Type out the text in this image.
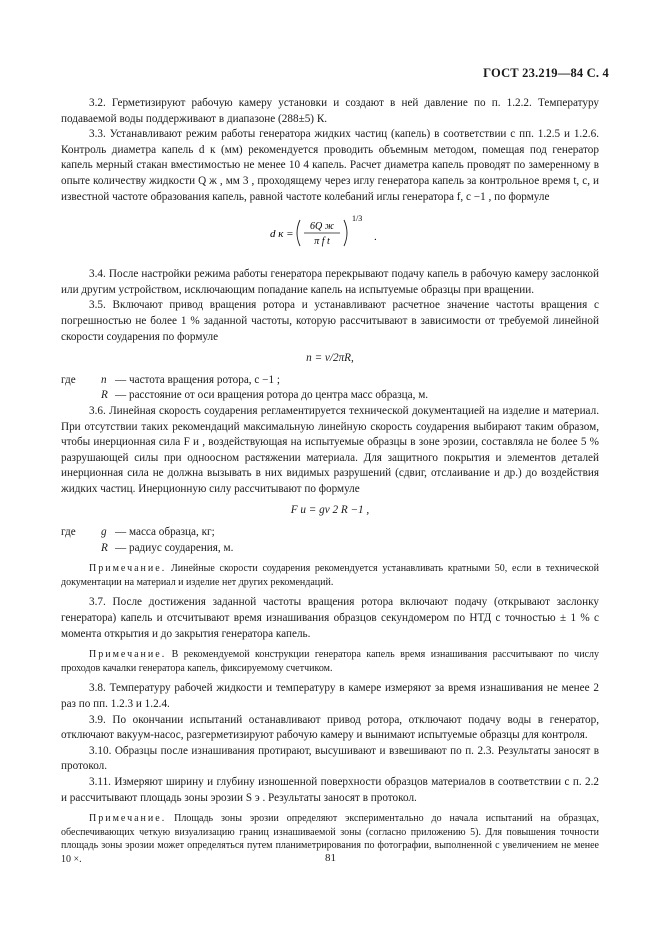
ГОСТ 23.219—84 С. 4

3.2. Герметизируют рабочую камеру установки и создают в ней давление по п. 1.2.2. Температуру подаваемой воды поддерживают в диапазоне (288±5) К.

3.3. Устанавливают режим работы генератора жидких частиц (капель) в соответствии с пп. 1.2.5 и 1.2.6. Контроль диаметра капель d к (мм) рекомендуется проводить объемным методом, помещая под генератор капель мерный стакан вместимостью не менее 10 4 капель. Расчет диаметра капель проводят по замеренному в опыте количеству жидкости Q ж , мм 3 , проходящему через иглу генератора капель за контрольное время t, с, и известной частоте образования капель, равной частоте колебаний иглы генератора f, с −1 , по формуле

d к =
6Q ж
π f t
1/3
.

3.4. После настройки режима работы генератора перекрывают подачу капель в рабочую камеру заслонкой или другим устройством, исключающим попадание капель на испытуемые образцы при вращении.

3.5. Включают привод вращения ротора и устанавливают расчетное значение частоты вращения с погрешностью не более 1 % заданной частоты, которую рассчитывают в зависимости от требуемой линейной скорости соударения по формуле

n = v/2πR,
где	n — частота вращения ротора, с −1 ;
R — расстояние от оси вращения ротора до центра масс образца, м.

3.6. Линейная скорость соударения регламентируется технической документацией на изделие и материал. При отсутствии таких рекомендаций максимальную линейную скорость соударения выбирают таким образом, чтобы инерционная сила F и , воздействующая на испытуемые образцы в зоне эрозии, составляла не более 5 % разрушающей силы при одноосном растяжении материала. Для защитного покрытия и элементов деталей инерционная сила не должна вызывать в них видимых разрушений (сдвиг, отслаивание и др.) до воздействия жидких частиц. Инерционную силу рассчитывают по формуле

F и = gv 2 R −1 ,
где	g — масса образца, кг;
R — радиус соударения, м.

Примечание. Линейные скорости соударения рекомендуется устанавливать кратными 50, если в технической документации на материал и изделие нет других рекомендаций.

3.7. После достижения заданной частоты вращения ротора включают подачу (открывают заслонку генератора) капель и отсчитывают время изнашивания образцов секундомером по НТД с точностью ± 1 % с момента открытия и до закрытия генератора капель.

Примечание. В рекомендуемой конструкции генератора капель время изнашивания рассчитывают по числу проходов качалки генератора капель, фиксируемому счетчиком.

3.8. Температуру рабочей жидкости и температуру в камере измеряют за время изнашивания не менее 2 раз по пп. 1.2.3 и 1.2.4.

3.9. По окончании испытаний останавливают привод ротора, отключают подачу воды в генератор, отключают вакуум-насос, разгерметизируют рабочую камеру и вынимают испытуемые образцы для контроля.

3.10. Образцы после изнашивания протирают, высушивают и взвешивают по п. 2.3. Результаты заносят в протокол.

3.11. Измеряют ширину и глубину изношенной поверхности образцов материалов в соответствии с п. 2.2 и рассчитывают площадь зоны эрозии S э . Результаты заносят в протокол.

Примечание. Площадь зоны эрозии определяют экспериментально до начала испытаний на образцах, обеспечивающих четкую визуализацию границ изнашиваемой зоны (согласно приложению 5). Для повышения точности площадь зоны эрозии может определяться путем планиметрирования по фотографии, выполненной с увеличением не менее 10 ×.	81
